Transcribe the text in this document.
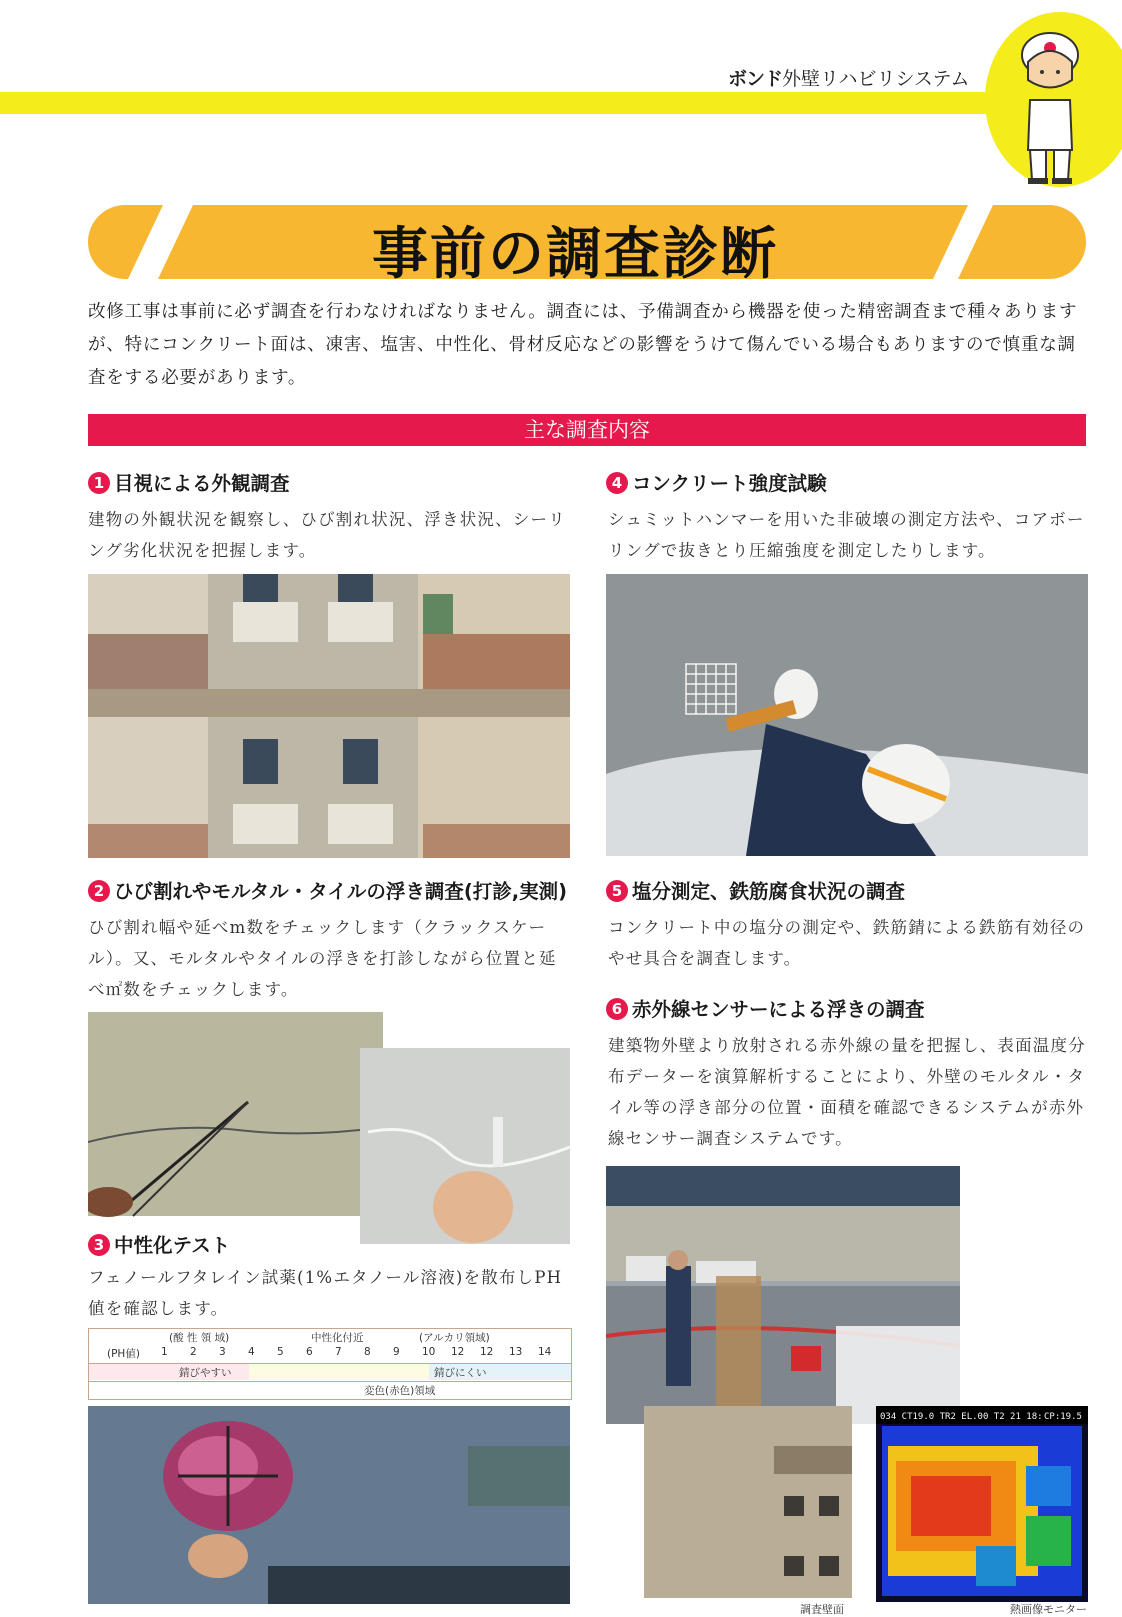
ボンド外壁リハビリシステム
事前の調査診断
改修工事は事前に必ず調査を行わなければなりません。調査には、予備調査から機器を使った精密調査まで種々ありますが、特にコンクリート面は、凍害、塩害、中性化、骨材反応などの影響をうけて傷んでいる場合もありますので慎重な調査をする必要があります。
主な調査内容
1 目視による外観調査
建物の外観状況を観察し、ひび割れ状況、浮き状況、シーリング劣化状況を把握します。
2 ひび割れやモルタル・タイルの浮き調査(打診,実測)
ひび割れ幅や延べm数をチェックします（クラックスケール）。又、モルタルやタイルの浮きを打診しながら位置と延べ㎡数をチェックします。
3 中性化テスト
フェノールフタレイン試薬(1%エタノール溶液)を散布しPH値を確認します。
(酸 性 領 域)	中性化付近	(アルカリ領域)
(PH値) 1 2 3 4 5 6 7 8 9 10 12 12 13 14
錆びやすい	錆びにくい
変色(赤色)領域
4 コンクリート強度試験
シュミットハンマーを用いた非破壊の測定方法や、コアボーリングで抜きとり圧縮強度を測定したりします。
5 塩分測定、鉄筋腐食状況の調査
コンクリート中の塩分の測定や、鉄筋錆による鉄筋有効径のやせ具合を調査します。
6 赤外線センサーによる浮きの調査
建築物外壁より放射される赤外線の量を把握し、表面温度分布データーを演算解析することにより、外壁のモルタル・タイル等の浮き部分の位置・面積を確認できるシステムが赤外線センサー調査システムです。
調査壁面
034 CT19.0 TR2 EL.00 T2 21 18: CP:19.5
熱画像モニター
